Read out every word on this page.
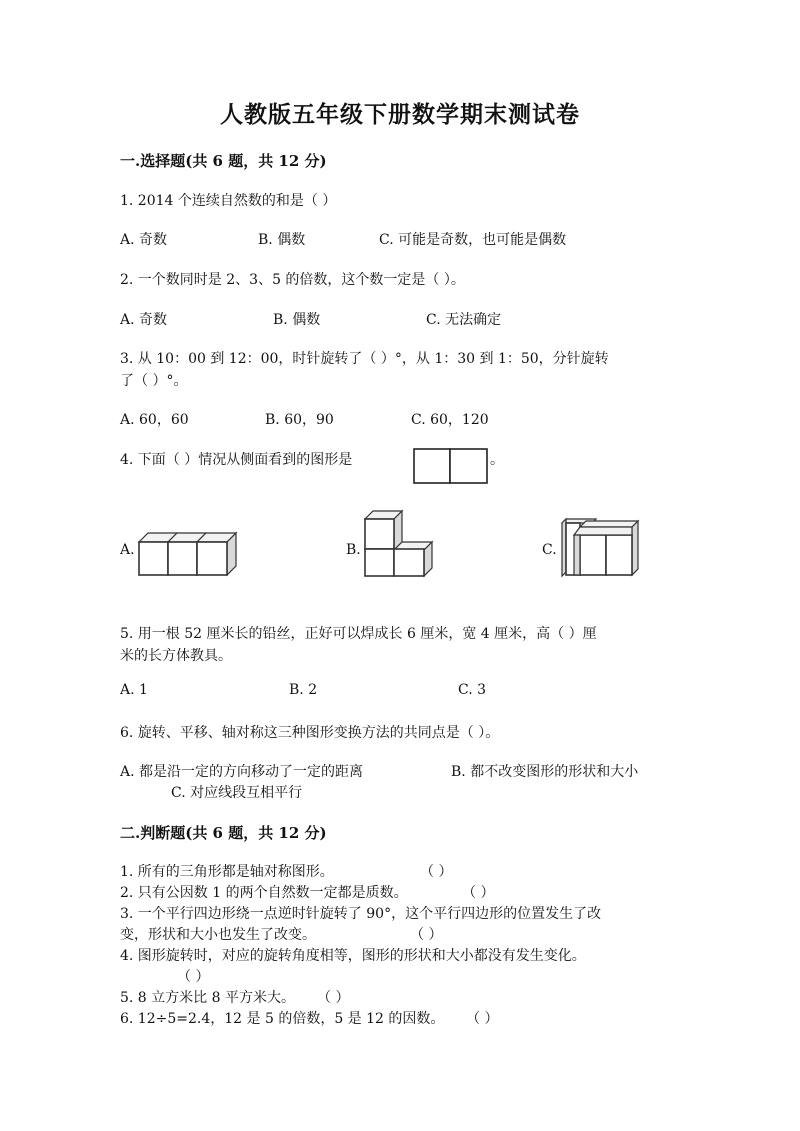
人教版五年级下册数学期末测试卷
一.选择题(共 6 题，共 12 分)
1. 2014 个连续自然数的和是（ ）
A. 奇数	B. 偶数	C. 可能是奇数，也可能是偶数
2. 一个数同时是 2、3、5 的倍数，这个数一定是（ ）。
A. 奇数	B. 偶数	C. 无法确定
3. 从 10：00 到 12：00，时针旋转了（ ）°，从 1：30 到 1：50，分针旋转
了（ ）°。
A. 60，60	B. 60，90	C. 60，120
4. 下面（ ）情况从侧面看到的图形是	。
A.	B.	C.
5. 用一根 52 厘米长的铅丝，正好可以焊成长 6 厘米，宽 4 厘米，高（ ）厘
米的长方体教具。
A. 1	B. 2	C. 3
6. 旋转、平移、轴对称这三种图形变换方法的共同点是（ ）。
A. 都是沿一定的方向移动了一定的距离	B. 都不改变图形的形状和大小
C. 对应线段互相平行
二.判断题(共 6 题，共 12 分)
1. 所有的三角形都是轴对称图形。	（ ）
2. 只有公因数 1 的两个自然数一定都是质数。	（ ）
3. 一个平行四边形绕一点逆时针旋转了 90°，这个平行四边形的位置发生了改
变，形状和大小也发生了改变。	（ ）
4. 图形旋转时，对应的旋转角度相等，图形的形状和大小都没有发生变化。
（ ）
5. 8 立方米比 8 平方米大。 （ ）
6. 12÷5=2.4，12 是 5 的倍数，5 是 12 的因数。 （ ）
